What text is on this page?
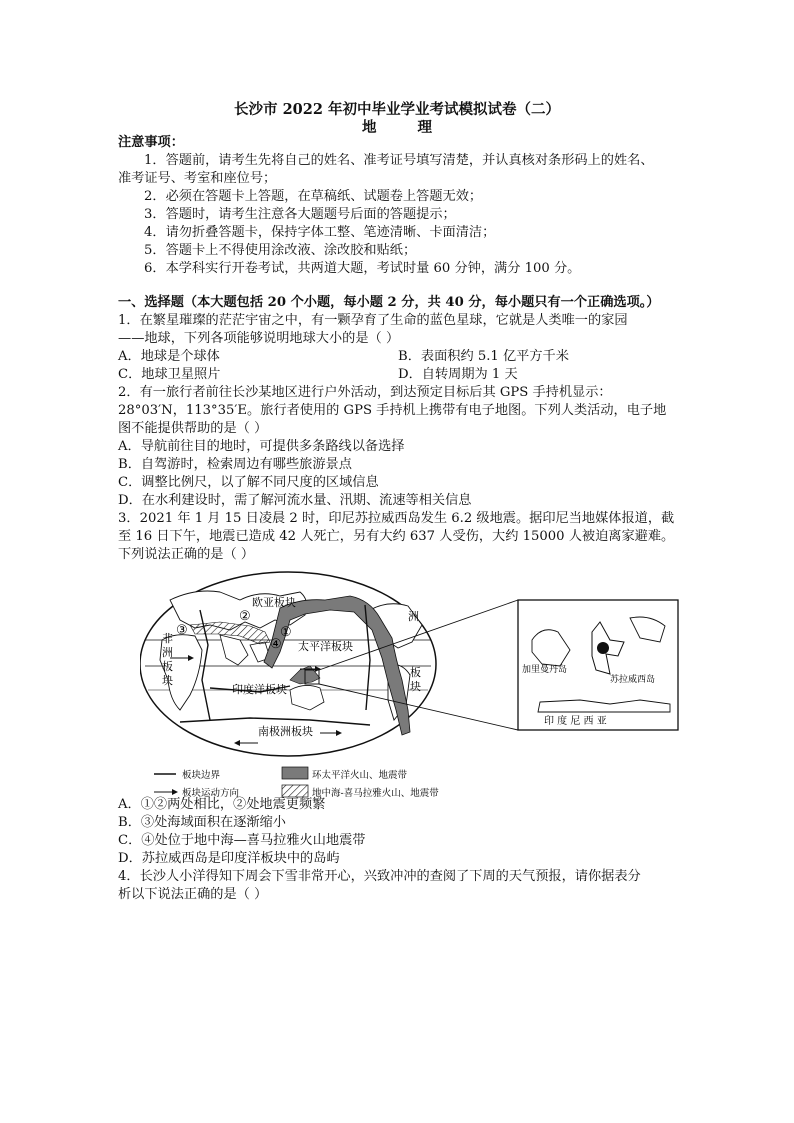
长沙市 2022 年初中毕业学业考试模拟试卷（二）
地 理
注意事项：
1．答题前，请考生先将自己的姓名、准考证号填写清楚，并认真核对条形码上的姓名、
准考证号、考室和座位号；
2．必须在答题卡上答题，在草稿纸、试题卷上答题无效；
3．答题时，请考生注意各大题题号后面的答题提示；
4．请勿折叠答题卡，保持字体工整、笔迹清晰、卡面清洁；
5．答题卡上不得使用涂改液、涂改胶和贴纸；
6．本学科实行开卷考试，共两道大题，考试时量 60 分钟，满分 100 分。
一、选择题（本大题包括 20 个小题，每小题 2 分，共 40 分，每小题只有一个正确选项。）
1．在繁星璀璨的茫茫宇宙之中，有一颗孕育了生命的蓝色星球，它就是人类唯一的家园
——地球，下列各项能够说明地球大小的是（ ）
A．地球是个球体	B．表面积约 5.1 亿平方千米
C．地球卫星照片	D．自转周期为 1 天
2．有一旅行者前往长沙某地区进行户外活动，到达预定目标后其 GPS 手持机显示：
28°03′N，113°35′E。旅行者使用的 GPS 手持机上携带有电子地图。下列人类活动，电子地
图不能提供帮助的是（ ）
A．导航前往目的地时，可提供多条路线以备选择
B．自驾游时，检索周边有哪些旅游景点
C．调整比例尺，以了解不同尺度的区域信息
D．在水利建设时，需了解河流水量、汛期、流速等相关信息
3．2021 年 1 月 15 日凌晨 2 时，印尼苏拉威西岛发生 6.2 级地震。据印尼当地媒体报道，截
至 16 日下午，地震已造成 42 人死亡，另有大约 637 人受伤，大约 15000 人被迫离家避难。
下列说法正确的是（ ）
欧亚板块
太平洋板块
非
洲
板
块
印度洋板块
南极洲板块
洲
板
块
②
①
③
④
苏拉威西岛
加里曼丹岛
印 度 尼 西 亚
板块边界
板块运动方向
环太平洋火山、地震带
地中海-喜马拉雅火山、地震带
A．①②两处相比，②处地震更频繁
B．③处海域面积在逐渐缩小
C．④处位于地中海—喜马拉雅火山地震带
D．苏拉威西岛是印度洋板块中的岛屿
4．长沙人小洋得知下周会下雪非常开心，兴致冲冲的查阅了下周的天气预报，请你据表分
析以下说法正确的是（ ）
